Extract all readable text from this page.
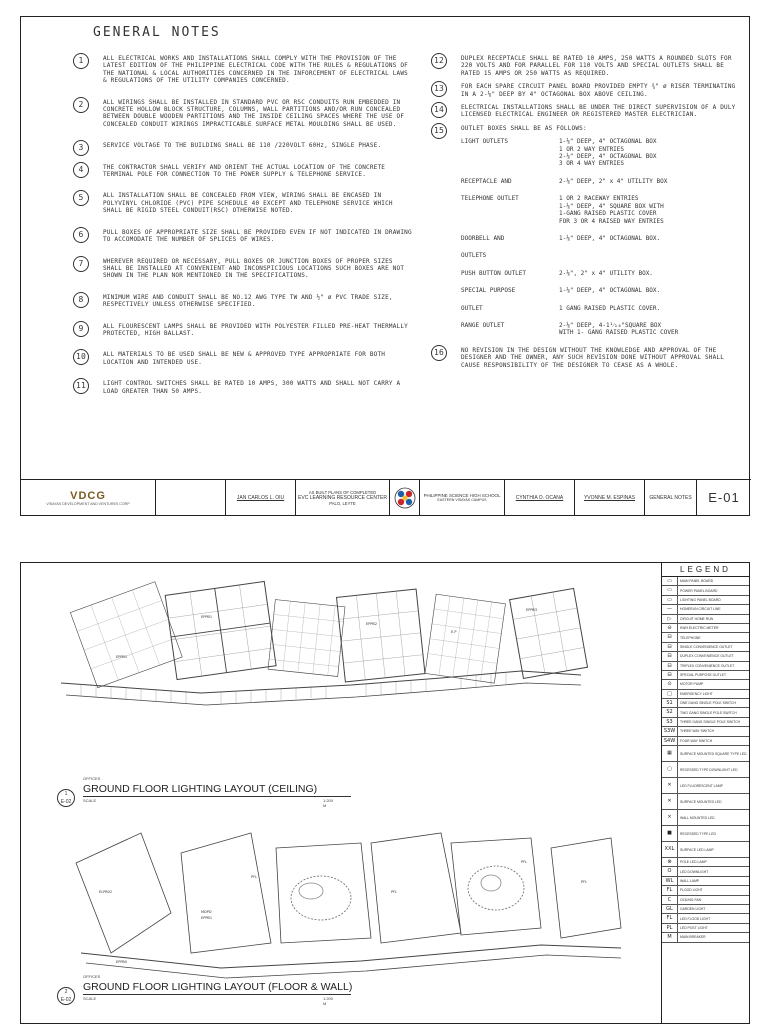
GENERAL NOTES
1	ALL ELECTRICAL WORKS AND INSTALLATIONS SHALL COMPLY WITH THE PROVISION OF THE LATEST EDITION OF THE PHILIPPINE ELECTRICAL CODE WITH THE RULES & REGULATIONS OF THE NATIONAL & LOCAL AUTHORITIES CONCERNED IN THE INFORCEMENT OF ELECTRICAL LAWS & REGULATIONS OF THE UTILITY COMPANIES CONCERNED.
2	ALL WIRINGS SHALL BE INSTALLED IN STANDARD PVC OR RSC CONDUITS RUN EMBEDDED IN CONCRETE HOLLOW BLOCK STRUCTURE, COLUMNS, WALL PARTITIONS AND/OR RUN CONCEALED BETWEEN DOUBLE WOODEN PARTITIONS AND THE INSIDE CEILING SPACES WHERE THE USE OF CONCEALED CONDUIT WIRINGS IMPRACTICABLE SURFACE METAL MOULDING SHALL BE USED.
3	SERVICE VOLTAGE TO THE BUILDING SHALL BE 110 /220VOLT 60Hz, SINGLE PHASE.
4	THE CONTRACTOR SHALL VERIFY AND ORIENT THE ACTUAL LOCATION OF THE CONCRETE TERMINAL POLE FOR CONNECTION TO THE POWER SUPPLY & TELEPHONE SERVICE.
5	ALL INSTALLATION SHALL BE CONCEALED FROM VIEW, WIRING SHALL BE ENCASED IN POLYVINYL CHLORIDE (PVC) PIPE SCHEDULE 40 EXCEPT AND TELEPHONE SERVICE WHICH SHALL BE RIGID STEEL CONDUIT(RSC) OTHERWISE NOTED.
6	PULL BOXES OF APPROPRIATE SIZE SHALL BE PROVIDED EVEN IF NOT INDICATED IN DRAWING TO ACCOMODATE THE NUMBER OF SPLICES OF WIRES.
7	WHEREVER REQUIRED OR NECESSARY, PULL BOXES OR JUNCTION BOXES OF PROPER SIZES SHALL BE INSTALLED AT CONVENIENT AND INCONSPICIOUS LOCATIONS SUCH BOXES ARE NOT SHOWN IN THE PLAN NOR MENTIONED IN THE SPECIFICATIONS.
8	MINIMUM WIRE AND CONDUIT SHALL BE NO.12 AWG TYPE TW AND ½" ø PVC TRADE SIZE, RESPECTIVELY UNLESS OTHERWISE SPECIFIED.
9	ALL FLOURESCENT LAMPS SHALL BE PROVIDED WITH POLYESTER FILLED PRE-HEAT THERMALLY PROTECTED, HIGH BALLAST.
10	ALL MATERIALS TO BE USED SHALL BE NEW & APPROVED TYPE APPROPRIATE FOR BOTH LOCATION AND INTENDED USE.
11	LIGHT CONTROL SWITCHES SHALL BE RATED 10 AMPS, 300 WATTS AND SHALL NOT CARRY A LOAD GREATER THAN 50 AMPS.
12	DUPLEX RECEPTACLE SHALL BE RATED 10 AMPS, 250 WATTS A ROUNDED SLOTS FOR 220 VOLTS AND FOR PARALLEL FOR 110 VOLTS AND SPECIAL OUTLETS SHALL BE RATED 15 AMPS OR 250 WATTS AS REQUIRED.
13	FOR EACH SPARE CIRCUIT PANEL BOARD PROVIDED EMPTY ¾" ø RISER TERMINATING IN A 2-⅛" DEEP BY 4" OCTAGONAL BOX ABOVE CEILING.
14	ELECTRICAL INSTALLATIONS SHALL BE UNDER THE DIRECT SUPERVISION OF A DULY LICENSED ELECTRICAL ENGINEER OR REGISTERED MASTER ELECTRICIAN.
15	OUTLET BOXES SHALL BE AS FOLLOWS:
LIGHT OUTLETS	1-⅛" DEEP, 4" OCTAGONAL BOX
1 OR 2 WAY ENTRIES
2-⅛" DEEP, 4" OCTAGONAL BOX
3 OR 4 WAY ENTRIES
RECEPTACLE AND	2-⅛" DEEP, 2" x 4" UTILITY BOX
TELEPHONE OUTLET	1 OR 2 RACEWAY ENTRIES
1-⅛" DEEP, 4" SQUARE BOX WITH
1-GANG RAISED PLASTIC COVER
FOR 3 OR 4 RAISED WAY ENTRIES
DOORBELL AND	1-⅛" DEEP, 4" OCTAGONAL BOX.
OUTLETS
PUSH BUTTON OUTLET	2-⅛", 2" x 4" UTILITY BOX.
SPECIAL PURPOSE	1-⅛" DEEP, 4" OCTAGONAL BOX.
OUTLET	1 GANG RAISED PLASTIC COVER.
RANGE OUTLET	2-⅛" DEEP, 4-1¹⁄₁₆"SQUARE BOX
WITH 1- GANG RAISED PLASTIC COVER
16	NO REVISION IN THE DESIGN WITHOUT THE KNOWLEDGE AND APPROVAL OF THE DESIGNER AND THE OWNER, ANY SUCH REVISION DONE WITHOUT APPROVAL SHALL CAUSE RESPONSIBILITY OF THE DESIGNER TO CEASE AS A WHOLE.
VDCG
VISAYAS DEVELOPMENT AND VENTURES CORP
JAN CARLOS L. OIU
AS BUILT PLANS OF COMPLETED
EVC LEARNING RESOURCE CENTER
PALO, LEYTE
PHILIPPINE SCIENCE HIGH SCHOOL
EASTERN VISAYAS CAMPUS	CYNTHIA O. OCANA	YVONNE M. ESPINAS	GENERAL NOTES	E-01
EPPB1
EPPB2
EPPB3
EPPB1
E.P
1
E-02
OFFICES
GROUND FLOOR LIGHTING LAYOUT (CEILING)
SCALE	1:200 M
ELPB02
MDPD
EPPB1
EPPB0
PFL
PFL
PFL
PFL
2
E-02
OFFICES
GROUND FLOOR LIGHTING LAYOUT (FLOOR & WALL)
SCALE	1:200 M
LEGEND
▭	MAIN PANEL BOARD
▭	POWER PANEL BOARD
▭	LIGHTING PANEL BOARD
—	HOMERUN CIRCUIT LINE
▷	CIRCUIT HOME RUN
⊖	KWH ELECTRIC METER
⊟	TELEPHONE
⊟	SINGLE CONVENIENCE OUTLET
⊟	DUPLEX CONVENIENCE OUTLET
⊟	TRIPLEX CONVENIENCE OUTLET
⊟	SPECIAL PURPOSE OUTLET
⊙	MOTOR PUMP
□	EMERGENCY LIGHT
S1	ONE GANG SINGLE POLE SWITCH
S2	TWO GANG SINGLE POLE SWITCH
S3	THREE GANG SINGLE POLE SWITCH
S3W	THREE WAY SWITCH
S4W	FOUR WAY SWITCH
▦	SURFACE MOUNTED SQUARE TYPE LED
▢	RECESSED TYPE DOWNLIGHT LED
✕	LED FLUORESCENT LAMP
✕	SURFACE MOUNTED LED
×	WALL MOUNTED LED
■	RECESSED TYPE LED
XXL	SURFACE LED LAMP
⊗	POLE LED LAMP
O	LED DOWNLIGHT
WL	WALL LAMP
FL	FLOOD LIGHT
C	CEILING FAN
GL	GARDEN LIGHT
FL	LED FLOOD LIGHT
PL	LED POST LIGHT
M	MAIN BREAKER
